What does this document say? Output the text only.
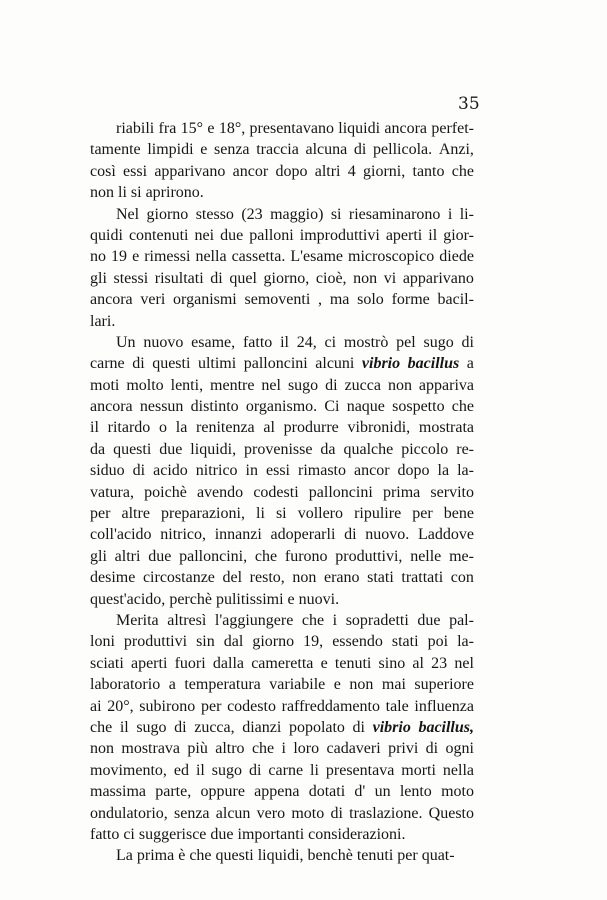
35
riabili fra 15° e 18°, presentavano liquidi ancora perfet-
tamente limpidi e senza traccia alcuna di pellicola. Anzi,
così essi apparivano ancor dopo altri 4 giorni, tanto che
non li si aprirono.
Nel giorno stesso (23 maggio) si riesaminarono i li-
quidi contenuti nei due palloni improduttivi aperti il gior-
no 19 e rimessi nella cassetta. L'esame microscopico diede
gli stessi risultati di quel giorno, cioè, non vi apparivano
ancora veri organismi semoventi , ma solo forme bacil-
lari.
Un nuovo esame, fatto il 24, ci mostrò pel sugo di
carne di questi ultimi palloncini alcuni vibrio bacillus a
moti molto lenti, mentre nel sugo di zucca non appariva
ancora nessun distinto organismo. Ci naque sospetto che
il ritardo o la renitenza al produrre vibronidi, mostrata
da questi due liquidi, provenisse da qualche piccolo re-
siduo di acido nitrico in essi rimasto ancor dopo la la-
vatura, poichè avendo codesti palloncini prima servito
per altre preparazioni, li si vollero ripulire per bene
coll'acido nitrico, innanzi adoperarli di nuovo. Laddove
gli altri due palloncini, che furono produttivi, nelle me-
desime circostanze del resto, non erano stati trattati con
quest'acido, perchè pulitissimi e nuovi.
Merita altresì l'aggiungere che i sopradetti due pal-
loni produttivi sin dal giorno 19, essendo stati poi la-
sciati aperti fuori dalla cameretta e tenuti sino al 23 nel
laboratorio a temperatura variabile e non mai superiore
ai 20°, subirono per codesto raffreddamento tale influenza
che il sugo di zucca, dianzi popolato di vibrio bacillus,
non mostrava più altro che i loro cadaveri privi di ogni
movimento, ed il sugo di carne li presentava morti nella
massima parte, oppure appena dotati d' un lento moto
ondulatorio, senza alcun vero moto di traslazione. Questo
fatto ci suggerisce due importanti considerazioni.
La prima è che questi liquidi, benchè tenuti per quat-
